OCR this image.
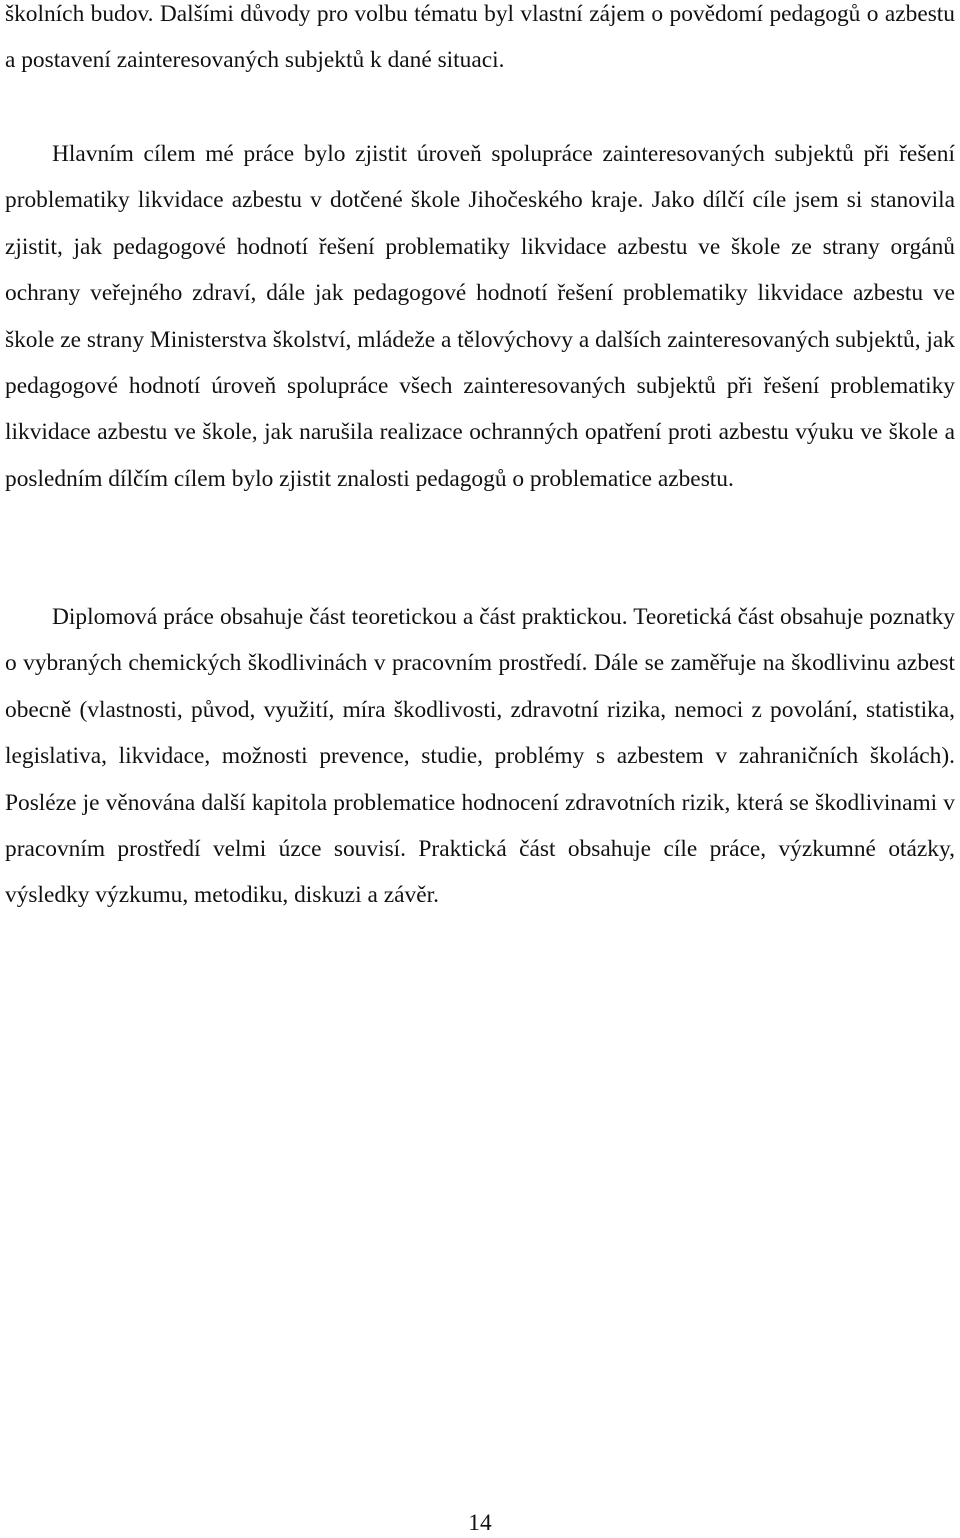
školních budov. Dalšími důvody pro volbu tématu byl vlastní zájem o povědomí pedagogů o azbestu a postavení zainteresovaných subjektů k dané situaci.

Hlavním cílem mé práce bylo zjistit úroveň spolupráce zainteresovaných subjektů při řešení problematiky likvidace azbestu v dotčené škole Jihočeského kraje. Jako dílčí cíle jsem si stanovila zjistit, jak pedagogové hodnotí řešení problematiky likvidace azbestu ve škole ze strany orgánů ochrany veřejného zdraví, dále jak pedagogové hodnotí řešení problematiky likvidace azbestu ve škole ze strany Ministerstva školství, mládeže a tělovýchovy a dalších zainteresovaných subjektů, jak pedagogové hodnotí úroveň spolupráce všech zainteresovaných subjektů při řešení problematiky likvidace azbestu ve škole, jak narušila realizace ochranných opatření proti azbestu výuku ve škole a posledním dílčím cílem bylo zjistit znalosti pedagogů o problematice azbestu.

Diplomová práce obsahuje část teoretickou a část praktickou. Teoretická část obsahuje poznatky o vybraných chemických škodlivinách v pracovním prostředí. Dále se zaměřuje na škodlivinu azbest obecně (vlastnosti, původ, využití, míra škodlivosti, zdravotní rizika, nemoci z povolání, statistika, legislativa, likvidace, možnosti prevence, studie, problémy s azbestem v zahraničních školách). Posléze je věnována další kapitola problematice hodnocení zdravotních rizik, která se škodlivinami v pracovním prostředí velmi úzce souvisí. Praktická část obsahuje cíle práce, výzkumné otázky, výsledky výzkumu, metodiku, diskuzi a závěr.

14
